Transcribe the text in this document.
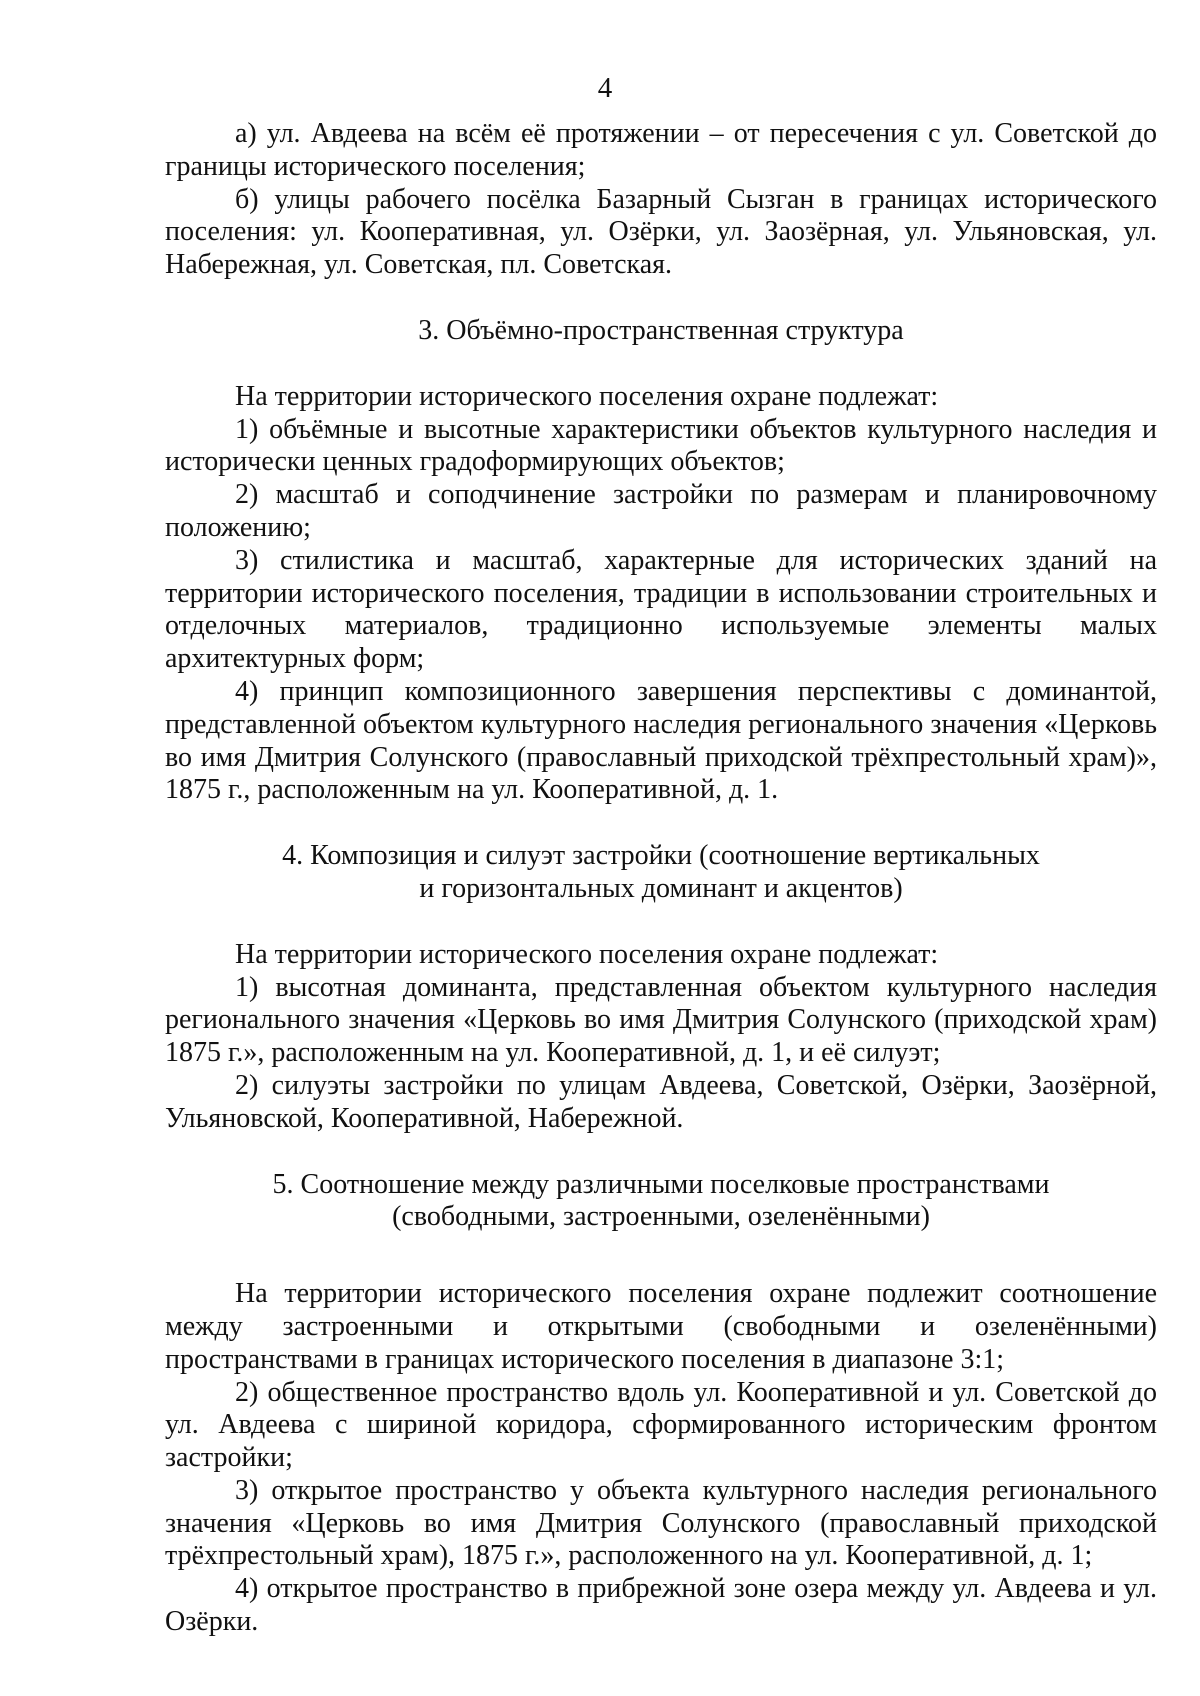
4

а) ул. Авдеева на всём её протяжении – от пересечения с ул. Советской до границы исторического поселения;

б) улицы рабочего посёлка Базарный Сызган в границах исторического поселения: ул. Кооперативная, ул. Озёрки, ул. Заозёрная, ул. Ульяновская, ул. Набережная, ул. Советская, пл. Советская.

3. Объёмно-пространственная структура

На территории исторического поселения охране подлежат:

1) объёмные и высотные характеристики объектов культурного наследия и исторически ценных градоформирующих объектов;

2) масштаб и соподчинение застройки по размерам и планировочному положению;

3) стилистика и масштаб, характерные для исторических зданий на территории исторического поселения, традиции в использовании строительных и отделочных материалов, традиционно используемые элементы малых архитектурных форм;

4) принцип композиционного завершения перспективы с доминантой, представленной объектом культурного наследия регионального значения «Церковь во имя Дмитрия Солунского (православный приходской трёхпрестольный храм)», 1875 г., расположенным на ул. Кооперативной, д. 1.

4. Композиция и силуэт застройки (соотношение вертикальных
и горизонтальных доминант и акцентов)

На территории исторического поселения охране подлежат:

1) высотная доминанта, представленная объектом культурного наследия регионального значения «Церковь во имя Дмитрия Солунского (приходской храм) 1875 г.», расположенным на ул. Кооперативной, д. 1, и её силуэт;

2) силуэты застройки по улицам Авдеева, Советской, Озёрки, Заозёрной, Ульяновской, Кооперативной, Набережной.

5. Соотношение между различными поселковые пространствами
(свободными, застроенными, озеленёнными)

На территории исторического поселения охране подлежит соотношение между застроенными и открытыми (свободными и озеленёнными) пространствами в границах исторического поселения в диапазоне 3:1;

2) общественное пространство вдоль ул. Кооперативной и ул. Советской до ул. Авдеева с шириной коридора, сформированного историческим фронтом застройки;

3) открытое пространство у объекта культурного наследия регионального значения «Церковь во имя Дмитрия Солунского (православный приходской трёхпрестольный храм), 1875 г.», расположенного на ул. Кооперативной, д. 1;

4) открытое пространство в прибрежной зоне озера между ул. Авдеева и ул. Озёрки.
